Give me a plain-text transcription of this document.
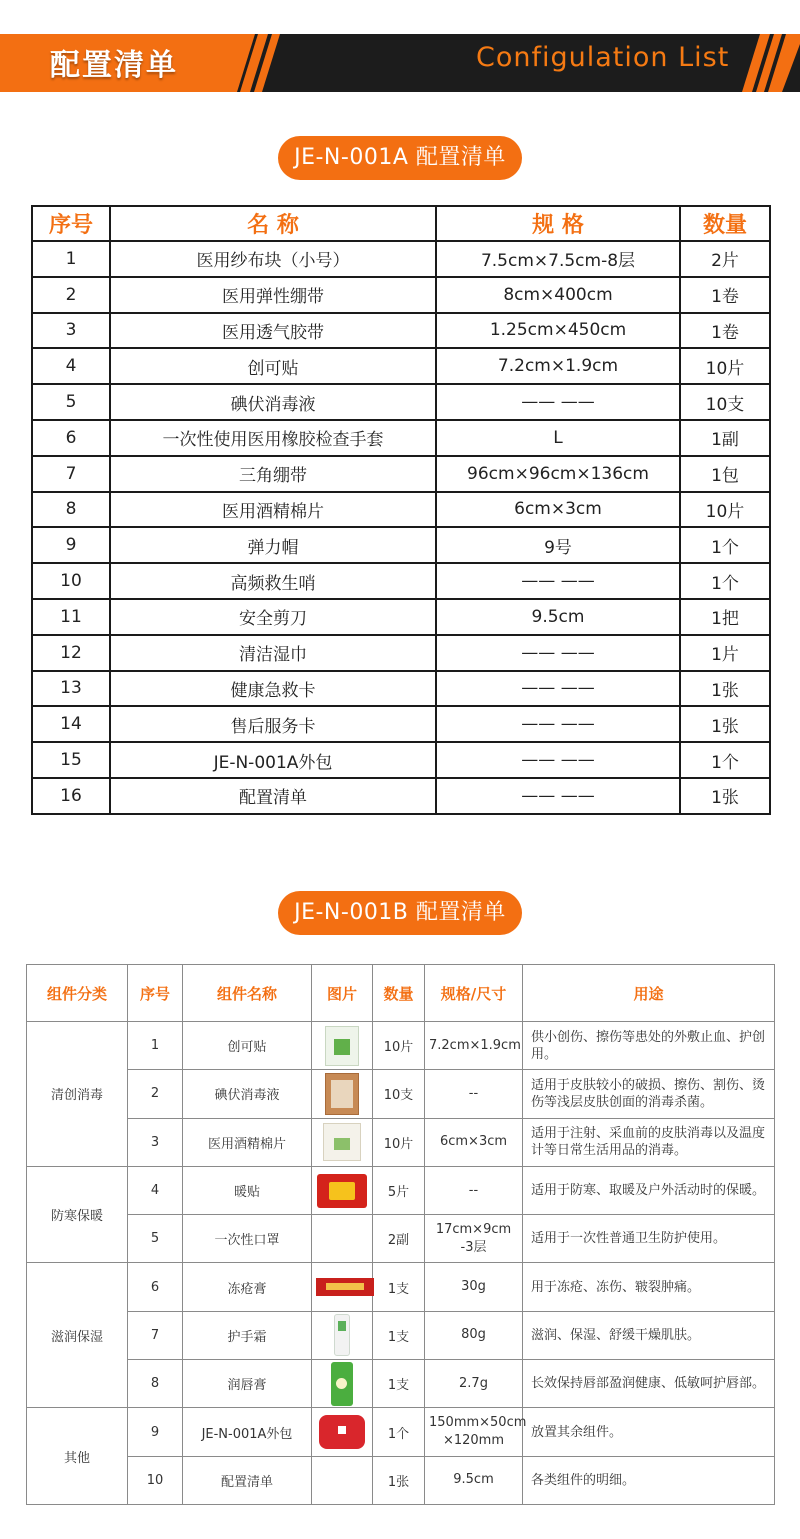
配置清单	Configulation List
JE-N-001A 配置清单
序号	名 称	规 格	数量
1	医用纱布块（小号）	7.5cm×7.5cm-8层	2片
2	医用弹性绷带	8cm×400cm	1卷
3	医用透气胶带	1.25cm×450cm	1卷
4	创可贴	7.2cm×1.9cm	10片
5	碘伏消毒液	—— ——	10支
6	一次性使用医用橡胶检查手套	L	1副
7	三角绷带	96cm×96cm×136cm	1包
8	医用酒精棉片	6cm×3cm	10片
9	弹力帽	9号	1个
10	高频救生哨	—— ——	1个
11	安全剪刀	9.5cm	1把
12	清洁湿巾	—— ——	1片
13	健康急救卡	—— ——	1张
14	售后服务卡	—— ——	1张
15	JE-N-001A外包	—— ——	1个
16	配置清单	—— ——	1张
JE-N-001B 配置清单
组件分类	序号	组件名称	图片	数量	规格/尺寸	用途
清创消毒	1	创可贴		10片	7.2cm×1.9cm	供小创伤、擦伤等患处的外敷止血、护创用。
	2	碘伏消毒液		10支	--	适用于皮肤较小的破损、擦伤、割伤、烫伤等浅层皮肤创面的消毒杀菌。
	3	医用酒精棉片		10片	6cm×3cm	适用于注射、采血前的皮肤消毒以及温度计等日常生活用品的消毒。
防寒保暖	4	暖贴		5片	--	适用于防寒、取暖及户外活动时的保暖。
	5	一次性口罩		2副	17cm×9cm -3层	适用于一次性普通卫生防护使用。
滋润保湿	6	冻疮膏		1支	30g	用于冻疮、冻伤、皲裂肿痛。
	7	护手霜		1支	80g	滋润、保湿、舒缓干燥肌肤。
	8	润唇膏		1支	2.7g	长效保持唇部盈润健康、低敏呵护唇部。
其他	9	JE-N-001A外包		1个	150mm×50cm ×120mm	放置其余组件。
	10	配置清单		1张	9.5cm	各类组件的明细。
